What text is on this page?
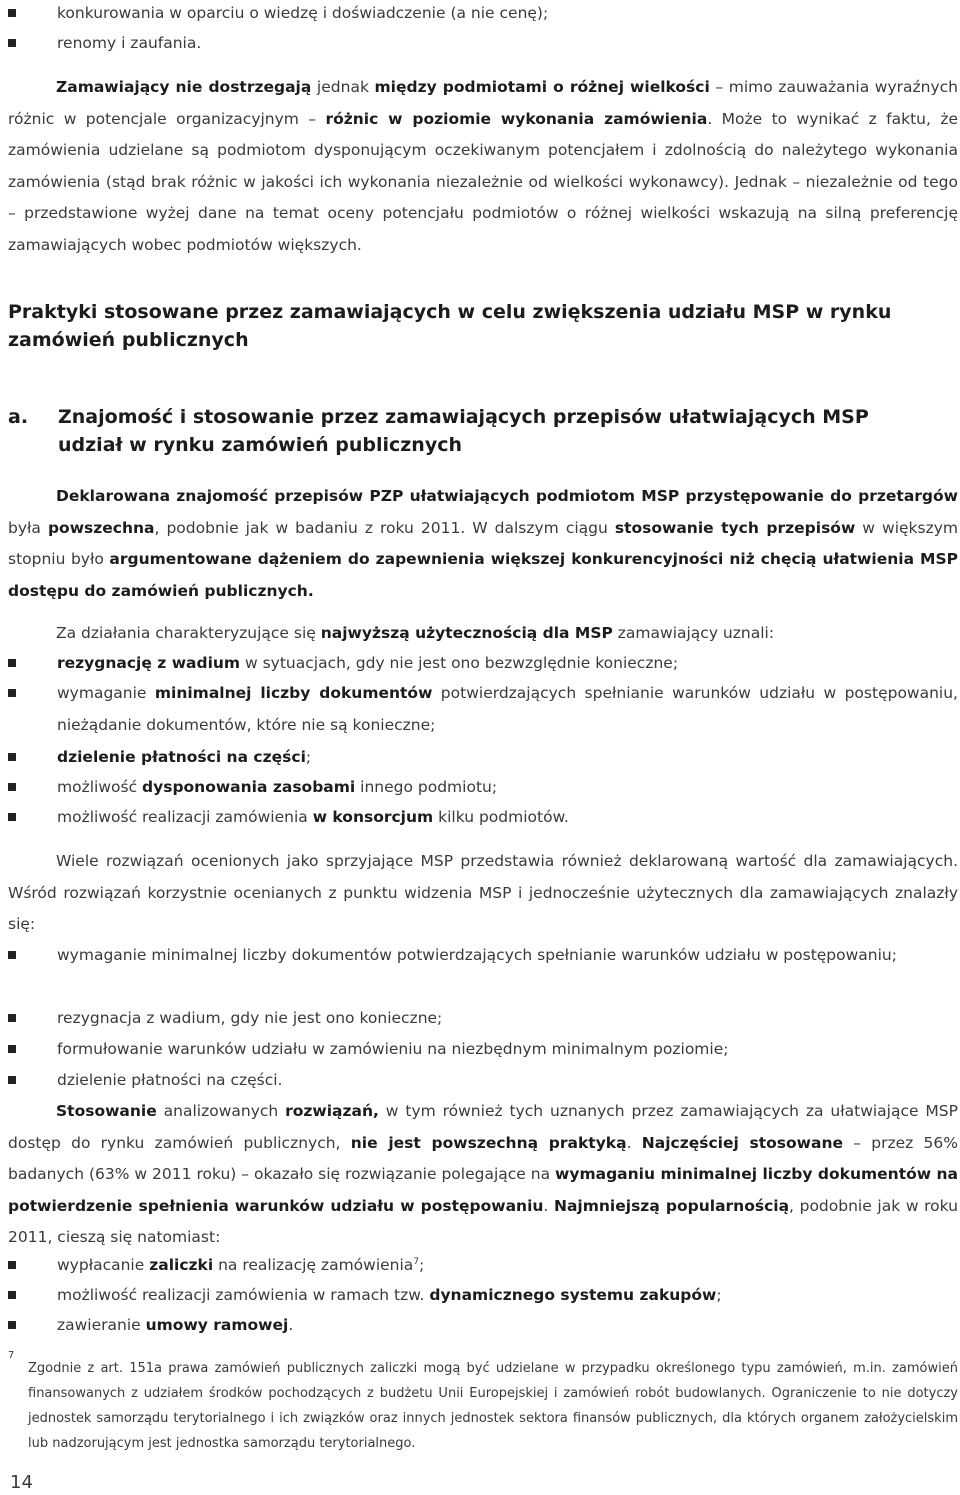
konkurowania w oparciu o wiedzę i doświadczenie (a nie cenę);
renomy i zaufania.

Zamawiający nie dostrzegają jednak między podmiotami o różnej wielkości – mimo zauważania wyraźnych różnic w potencjale organizacyjnym – różnic w poziomie wykonania zamówienia. Może to wynikać z faktu, że zamówienia udzielane są podmiotom dysponującym oczekiwanym potencjałem i zdolnością do należytego wykonania zamówienia (stąd brak różnic w jakości ich wykonania niezależnie od wielkości wykonawcy). Jednak – niezależnie od tego – przedstawione wyżej dane na temat oceny potencjału podmiotów o różnej wielkości wskazują na silną preferencję zamawiających wobec podmiotów większych.

Praktyki stosowane przez zamawiających w celu zwiększenia udziału MSP w rynku zamówień publicznych
a. Znajomość i stosowanie przez zamawiających przepisów ułatwiających MSP udział w rynku zamówień publicznych

Deklarowana znajomość przepisów PZP ułatwiających podmiotom MSP przystępowanie do przetargów była powszechna, podobnie jak w badaniu z roku 2011. W dalszym ciągu stosowanie tych przepisów w większym stopniu było argumentowane dążeniem do zapewnienia większej konkurencyjności niż chęcią ułatwienia MSP dostępu do zamówień publicznych.

Za działania charakteryzujące się najwyższą użytecznością dla MSP zamawiający uznali:

rezygnację z wadium w sytuacjach, gdy nie jest ono bezwzględnie konieczne;
wymaganie minimalnej liczby dokumentów potwierdzających spełnianie warunków udziału w postępowaniu, nieżądanie dokumentów, które nie są konieczne;
dzielenie płatności na części;
możliwość dysponowania zasobami innego podmiotu;
możliwość realizacji zamówienia w konsorcjum kilku podmiotów.

Wiele rozwiązań ocenionych jako sprzyjające MSP przedstawia również deklarowaną wartość dla zamawiających. Wśród rozwiązań korzystnie ocenianych z punktu widzenia MSP i jednocześnie użytecznych dla zamawiających znalazły się:

wymaganie minimalnej liczby dokumentów potwierdzających spełnianie warunków udziału w postępowaniu;
rezygnacja z wadium, gdy nie jest ono konieczne;
formułowanie warunków udziału w zamówieniu na niezbędnym minimalnym poziomie;
dzielenie płatności na części.

Stosowanie analizowanych rozwiązań, w tym również tych uznanych przez zamawiających za ułatwiające MSP dostęp do rynku zamówień publicznych, nie jest powszechną praktyką. Najczęściej stosowane – przez 56% badanych (63% w 2011 roku) – okazało się rozwiązanie polegające na wymaganiu minimalnej liczby dokumentów na potwierdzenie spełnienia warunków udziału w postępowaniu. Najmniejszą popularnością, podobnie jak w roku 2011, cieszą się natomiast:

wypłacanie zaliczki na realizację zamówienia$^7$;
możliwość realizacji zamówienia w ramach tzw. dynamicznego systemu zakupów;
zawieranie umowy ramowej.
7

Zgodnie z art. 151a prawa zamówień publicznych zaliczki mogą być udzielane w przypadku określonego typu zamówień, m.in. zamówień finansowanych z udziałem środków pochodzących z budżetu Unii Europejskiej i zamówień robót budowlanych. Ograniczenie to nie dotyczy jednostek samorządu terytorialnego i ich związków oraz innych jednostek sektora finansów publicznych, dla których organem założycielskim lub nadzorującym jest jednostka samorządu terytorialnego.

14
